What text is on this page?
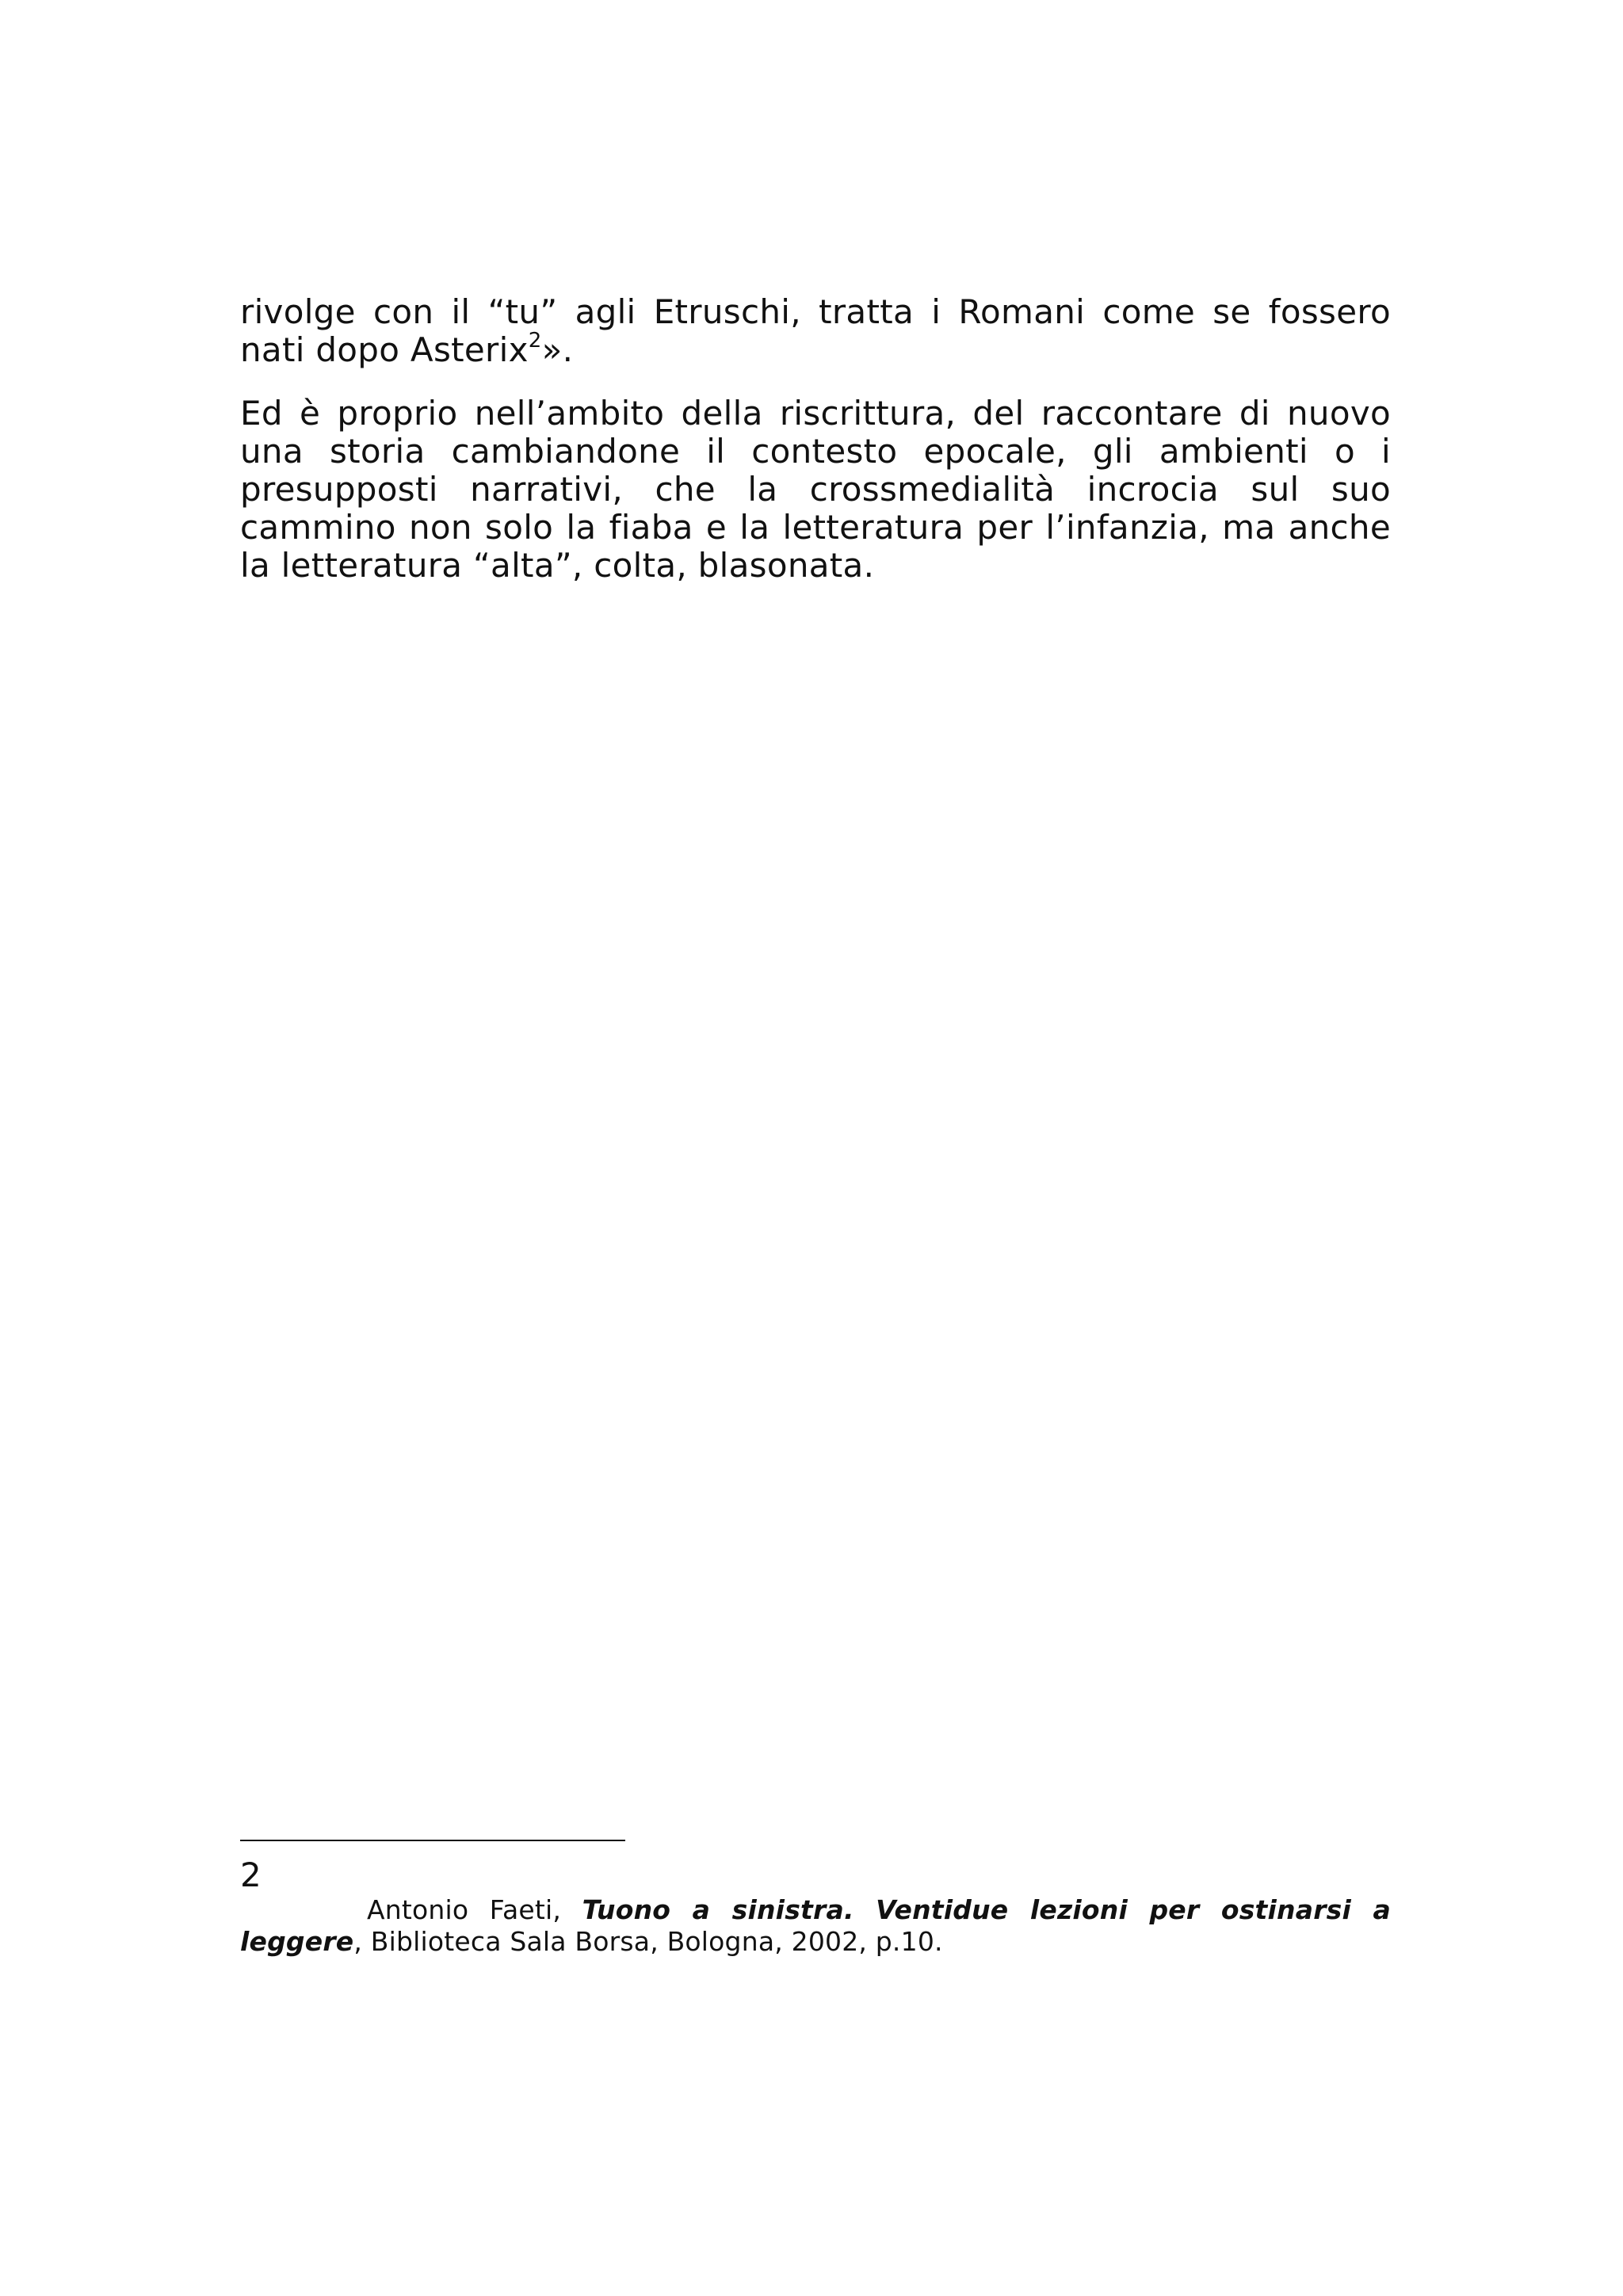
rivolge con il “tu” agli Etruschi, tratta i Romani come se fossero nati dopo Asterix$^2$».

Ed è proprio nell’ambito della riscrittura, del raccontare di nuovo una storia cambiandone il contesto epocale, gli ambienti o i presupposti narrativi, che la crossmedialità incrocia sul suo cammino non solo la fiaba e la letteratura per l’infanzia, ma anche la letteratura “alta”, colta, blasonata.

2
Antonio Faeti, Tuono a sinistra. Ventidue lezioni per ostinarsi a leggere, Biblioteca Sala Borsa, Bologna, 2002, p.10.
